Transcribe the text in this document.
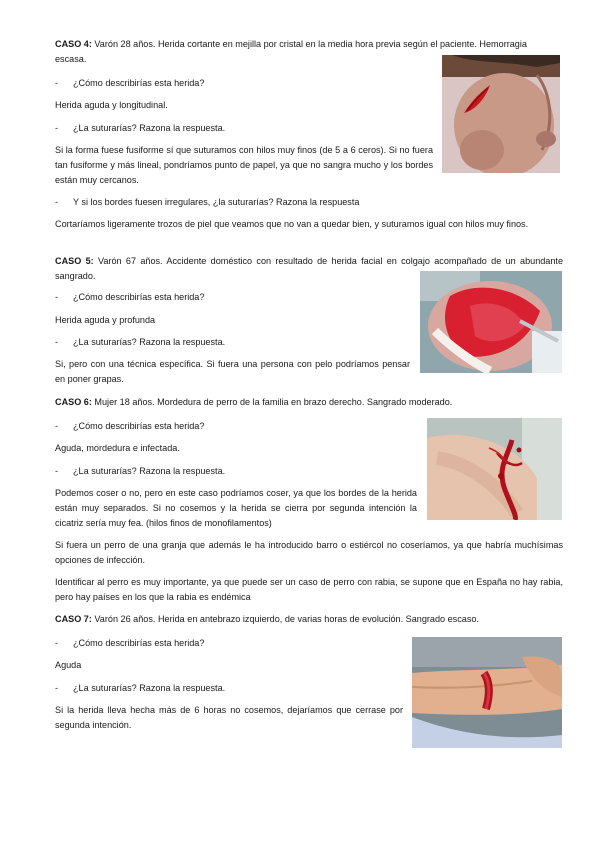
CASO 4: Varón 28 años. Herida cortante en mejilla por cristal en la media hora previa según el paciente. Hemorragia
escasa.
- ¿Cómo describirías esta herida?
Herida aguda y longitudinal.
- ¿La suturarías? Razona la respuesta.
Si la forma fuese fusiforme sí que suturamos con hilos muy finos (de 5 a 6 ceros). Si no fuera tan fusiforme y más lineal, pondríamos punto de papel, ya que no sangra mucho y los bordes están muy cercanos.
- Y si los bordes fuesen irregulares, ¿la suturarías? Razona la respuesta
Cortaríamos ligeramente trozos de piel que veamos que no van a quedar bien, y suturamos igual con hilos muy finos.
CASO 5: Varón 67 años. Accidente doméstico con resultado de herida facial en colgajo acompañado de un abundante sangrado.
- ¿Cómo describirías esta herida?
Herida aguda y profunda
- ¿La suturarías? Razona la respuesta.
Si, pero con una técnica específica. Si fuera una persona con pelo podríamos pensar en poner grapas.
CASO 6: Mujer 18 años. Mordedura de perro de la familia en brazo derecho. Sangrado moderado.
- ¿Cómo describirías esta herida?
Aguda, mordedura e infectada.
- ¿La suturarías? Razona la respuesta.
Podemos coser o no, pero en este caso podríamos coser, ya que los bordes de la herida están muy separados. Si no cosemos y la herida se cierra por segunda intención la cicatriz sería muy fea. (hilos finos de monofilamentos)
Si fuera un perro de una granja que además le ha introducido barro o estiércol no coseríamos, ya que habría muchísimas opciones de infección.
Identificar al perro es muy importante, ya que puede ser un caso de perro con rabia, se supone que en España no hay rabia, pero hay países en los que la rabia es endémica
CASO 7: Varón 26 años. Herida en antebrazo izquierdo, de varias horas de evolución. Sangrado escaso.
- ¿Cómo describirías esta herida?
Aguda
- ¿La suturarías? Razona la respuesta.
Si la herida lleva hecha más de 6 horas no cosemos, dejaríamos que cerrase por segunda intención.
